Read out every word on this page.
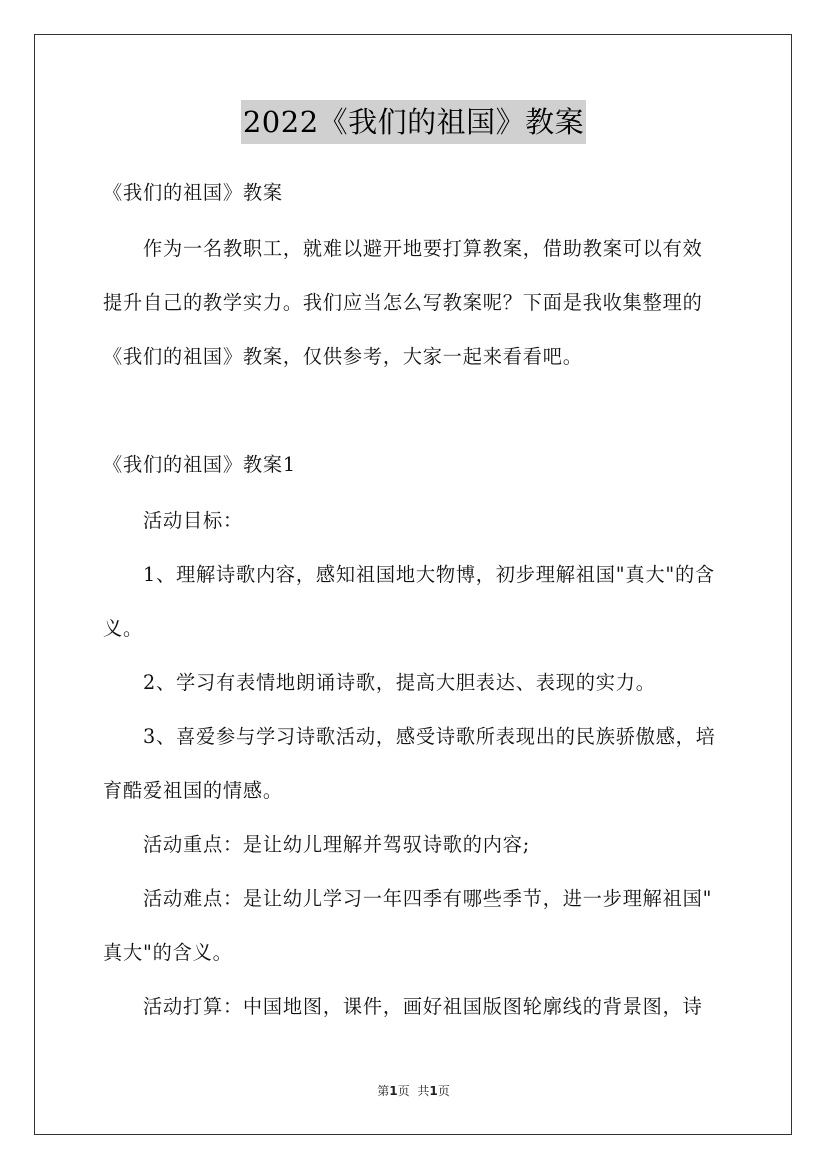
2022《我们的祖国》教案
《我们的祖国》教案
作为一名教职工，就难以避开地要打算教案，借助教案可以有效
提升自己的教学实力。我们应当怎么写教案呢？下面是我收集整理的
《我们的祖国》教案，仅供参考，大家一起来看看吧。
《我们的祖国》教案1
活动目标：
1、理解诗歌内容，感知祖国地大物博，初步理解祖国"真大"的含
义。
2、学习有表情地朗诵诗歌，提高大胆表达、表现的实力。
3、喜爱参与学习诗歌活动，感受诗歌所表现出的民族骄傲感，培
育酷爱祖国的情感。
活动重点：是让幼儿理解并驾驭诗歌的内容;
活动难点：是让幼儿学习一年四季有哪些季节，进一步理解祖国"
真大"的含义。
活动打算：中国地图，课件，画好祖国版图轮廓线的背景图，诗
第1页 共1页
